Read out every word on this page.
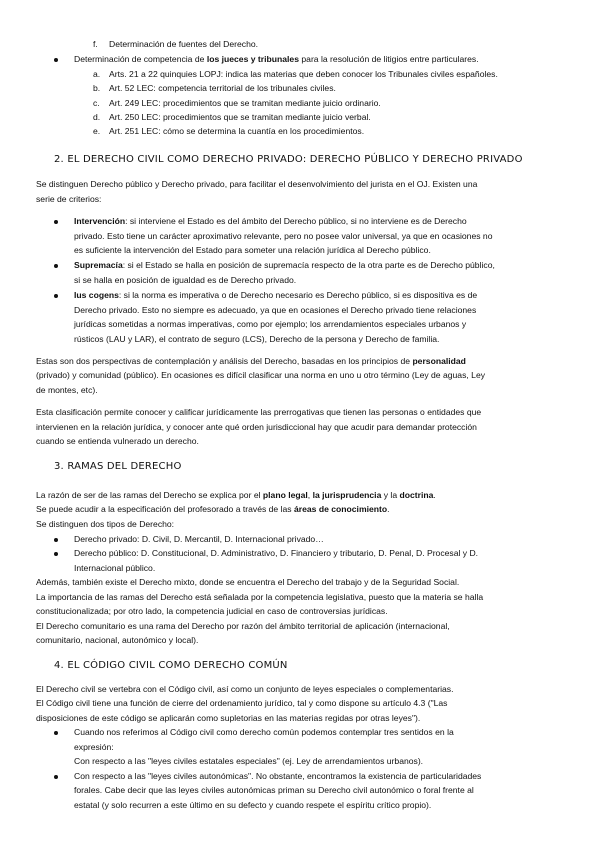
f. Determinación de fuentes del Derecho.
Determinación de competencia de los jueces y tribunales para la resolución de litigios entre particulares.
a. Arts. 21 a 22 quinquies LOPJ: indica las materias que deben conocer los Tribunales civiles españoles.
b. Art. 52 LEC: competencia territorial de los tribunales civiles.
c. Art. 249 LEC: procedimientos que se tramitan mediante juicio ordinario.
d. Art. 250 LEC: procedimientos que se tramitan mediante juicio verbal.
e. Art. 251 LEC: cómo se determina la cuantía en los procedimientos.
2. EL DERECHO CIVIL COMO DERECHO PRIVADO: DERECHO PÚBLICO Y DERECHO PRIVADO
Se distinguen Derecho público y Derecho privado, para facilitar el desenvolvimiento del jurista en el OJ. Existen una
serie de criterios:
Intervención: si interviene el Estado es del ámbito del Derecho público, si no interviene es de Derecho
privado. Esto tiene un carácter aproximativo relevante, pero no posee valor universal, ya que en ocasiones no
es suficiente la intervención del Estado para someter una relación jurídica al Derecho público.
Supremacía: si el Estado se halla en posición de supremacía respecto de la otra parte es de Derecho público,
si se halla en posición de igualdad es de Derecho privado.
Ius cogens: si la norma es imperativa o de Derecho necesario es Derecho público, si es dispositiva es de
Derecho privado. Esto no siempre es adecuado, ya que en ocasiones el Derecho privado tiene relaciones
jurídicas sometidas a normas imperativas, como por ejemplo; los arrendamientos especiales urbanos y
rústicos (LAU y LAR), el contrato de seguro (LCS), Derecho de la persona y Derecho de familia.
Estas son dos perspectivas de contemplación y análisis del Derecho, basadas en los principios de personalidad
(privado) y comunidad (público). En ocasiones es difícil clasificar una norma en uno u otro término (Ley de aguas, Ley
de montes, etc).
Esta clasificación permite conocer y calificar jurídicamente las prerrogativas que tienen las personas o entidades que
intervienen en la relación jurídica, y conocer ante qué orden jurisdiccional hay que acudir para demandar protección
cuando se entienda vulnerado un derecho.
3. RAMAS DEL DERECHO
La razón de ser de las ramas del Derecho se explica por el plano legal, la jurisprudencia y la doctrina.
Se puede acudir a la especificación del profesorado a través de las áreas de conocimiento.
Se distinguen dos tipos de Derecho:
Derecho privado: D. Civil, D. Mercantil, D. Internacional privado…
Derecho público: D. Constitucional, D. Administrativo, D. Financiero y tributario, D. Penal, D. Procesal y D.
Internacional público.
Además, también existe el Derecho mixto, donde se encuentra el Derecho del trabajo y de la Seguridad Social.
La importancia de las ramas del Derecho está señalada por la competencia legislativa, puesto que la materia se halla
constitucionalizada; por otro lado, la competencia judicial en caso de controversias jurídicas.
El Derecho comunitario es una rama del Derecho por razón del ámbito territorial de aplicación (internacional,
comunitario, nacional, autonómico y local).
4. EL CÓDIGO CIVIL COMO DERECHO COMÚN
El Derecho civil se vertebra con el Código civil, así como un conjunto de leyes especiales o complementarias.
El Código civil tiene una función de cierre del ordenamiento jurídico, tal y como dispone su artículo 4.3 ("Las
disposiciones de este código se aplicarán como supletorias en las materias regidas por otras leyes").
Cuando nos referimos al Código civil como derecho común podemos contemplar tres sentidos en la
expresión:
Con respecto a las "leyes civiles estatales especiales" (ej. Ley de arrendamientos urbanos).
Con respecto a las "leyes civiles autonómicas". No obstante, encontramos la existencia de particularidades
forales. Cabe decir que las leyes civiles autonómicas priman su Derecho civil autonómico o foral frente al
estatal (y solo recurren a este último en su defecto y cuando respete el espíritu crítico propio).
